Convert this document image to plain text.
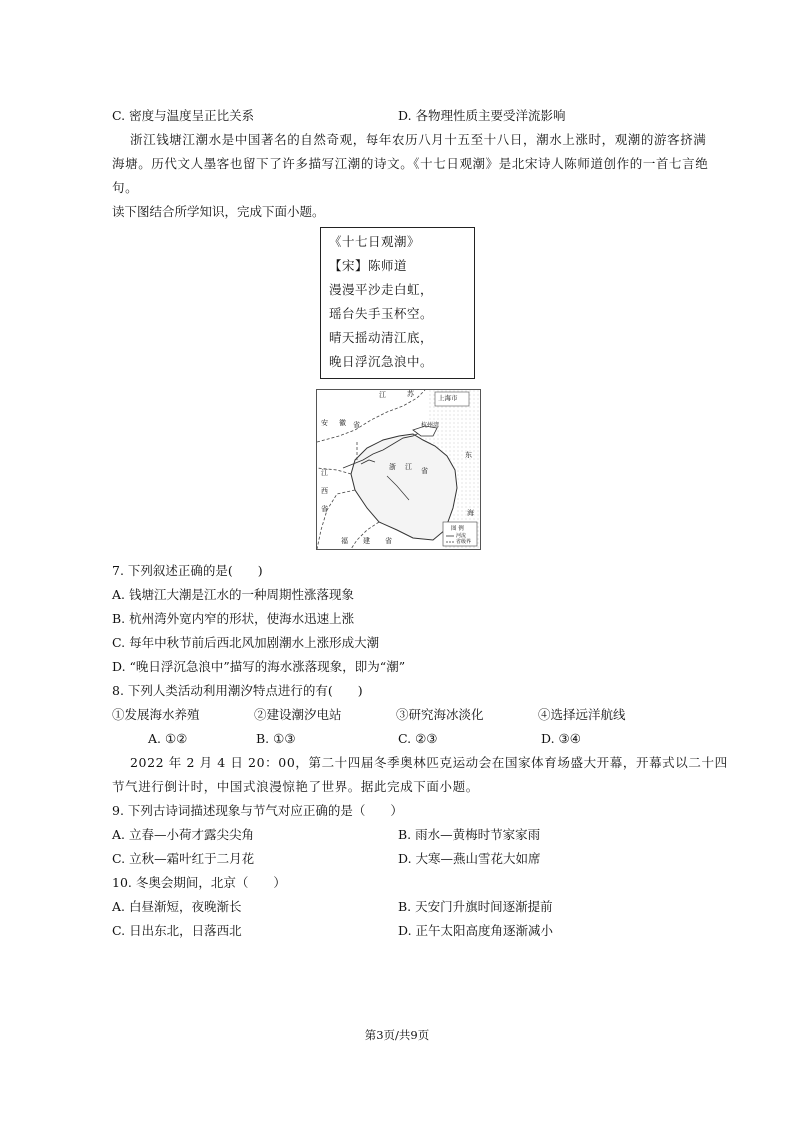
C. 密度与温度呈正比关系	D. 各物理性质主要受洋流影响
浙江钱塘江潮水是中国著名的自然奇观，每年农历八月十五至十八日，潮水上涨时，观潮的游客挤满
海塘。历代文人墨客也留下了许多描写江潮的诗文。《十七日观潮》是北宋诗人陈师道创作的一首七言绝
句。
读下图结合所学知识，完成下面小题。
《十七日观潮》
【宋】陈师道
漫漫平沙走白虹，
瑶台失手玉杯空。
晴天摇动清江底，
晚日浮沉急浪中。
江	苏
安 徽 省
浙 江 省
江
西
省
福 建 省
上海市
杭州湾
东
海
图 例
河流
省级界
7. 下列叙述正确的是(　　)
A. 钱塘江大潮是江水的一种周期性涨落现象
B. 杭州湾外宽内窄的形状，使海水迅速上涨
C. 每年中秋节前后西北风加剧潮水上涨形成大潮
D. “晚日浮沉急浪中”描写的海水涨落现象，即为“潮”
8. 下列人类活动利用潮汐特点进行的有(　　)
①发展海水养殖	②建设潮汐电站	③研究海冰淡化	④选择远洋航线
A. ①②	B. ①③	C. ②③	D. ③④
2022 年 2 月 4 日 20：00，第二十四届冬季奥林匹克运动会在国家体育场盛大开幕，开幕式以二十四
节气进行倒计时，中国式浪漫惊艳了世界。据此完成下面小题。
9. 下列古诗词描述现象与节气对应正确的是（　　）
A. 立春—小荷才露尖尖角	B. 雨水—黄梅时节家家雨
C. 立秋—霜叶红于二月花	D. 大寒—燕山雪花大如席
10. 冬奥会期间，北京（　　）
A. 白昼渐短，夜晚渐长	B. 天安门升旗时间逐渐提前
C. 日出东北，日落西北	D. 正午太阳高度角逐渐减小
第3页/共9页
